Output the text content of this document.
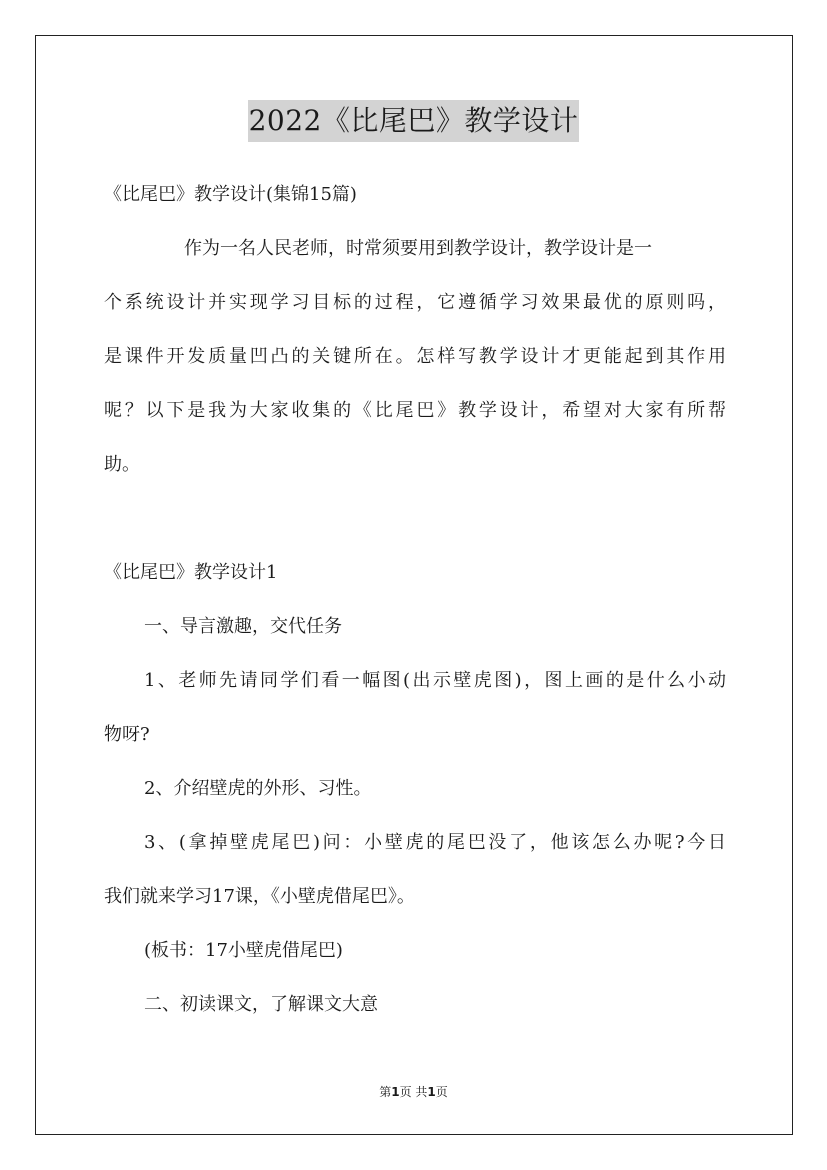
2022《比尾巴》教学设计
《比尾巴》教学设计(集锦15篇)
作为一名人民老师，时常须要用到教学设计，教学设计是一
个系统设计并实现学习目标的过程，它遵循学习效果最优的原则吗，
是课件开发质量凹凸的关键所在。怎样写教学设计才更能起到其作用
呢？以下是我为大家收集的《比尾巴》教学设计，希望对大家有所帮
助。
《比尾巴》教学设计1
一、导言激趣，交代任务
1、老师先请同学们看一幅图(出示壁虎图)，图上画的是什么小动
物呀?
2、介绍壁虎的外形、习性。
3、(拿掉壁虎尾巴)问：小壁虎的尾巴没了，他该怎么办呢?今日
我们就来学习17课，《小壁虎借尾巴》。
(板书：17小壁虎借尾巴)
二、初读课文，了解课文大意
第1页 共1页
